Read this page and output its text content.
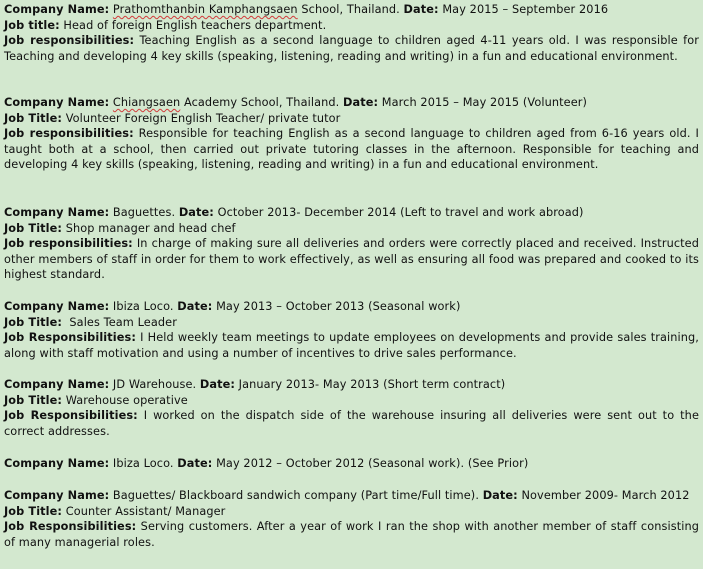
Company Name: Prathomthanbin Kamphangsaen School, Thailand. Date: May 2015 – September 2016
Job title: Head of foreign English teachers department.
Job responsibilities: Teaching English as a second language to children aged 4-11 years old. I was responsible for Teaching and developing 4 key skills (speaking, listening, reading and writing) in a fun and educational environment.
Company Name: Chiangsaen Academy School, Thailand. Date: March 2015 – May 2015 (Volunteer)
Job Title: Volunteer Foreign English Teacher/ private tutor
Job responsibilities: Responsible for teaching English as a second language to children aged from 6-16 years old. I taught both at a school, then carried out private tutoring classes in the afternoon. Responsible for teaching and developing 4 key skills (speaking, listening, reading and writing) in a fun and educational environment.
Company Name: Baguettes. Date: October 2013- December 2014 (Left to travel and work abroad)
Job Title: Shop manager and head chef
Job responsibilities: In charge of making sure all deliveries and orders were correctly placed and received. Instructed other members of staff in order for them to work effectively, as well as ensuring all food was prepared and cooked to its highest standard.
Company Name: Ibiza Loco. Date: May 2013 – October 2013 (Seasonal work)
Job Title:  Sales Team Leader
Job Responsibilities: I Held weekly team meetings to update employees on developments and provide sales training, along with staff motivation and using a number of incentives to drive sales performance.
Company Name: JD Warehouse. Date: January 2013- May 2013 (Short term contract)
Job Title: Warehouse operative
Job Responsibilities: I worked on the dispatch side of the warehouse insuring all deliveries were sent out to the correct addresses.
Company Name: Ibiza Loco. Date: May 2012 – October 2012 (Seasonal work). (See Prior)
Company Name: Baguettes/ Blackboard sandwich company (Part time/Full time). Date: November 2009- March 2012
Job Title: Counter Assistant/ Manager
Job Responsibilities: Serving customers. After a year of work I ran the shop with another member of staff consisting of many managerial roles.
